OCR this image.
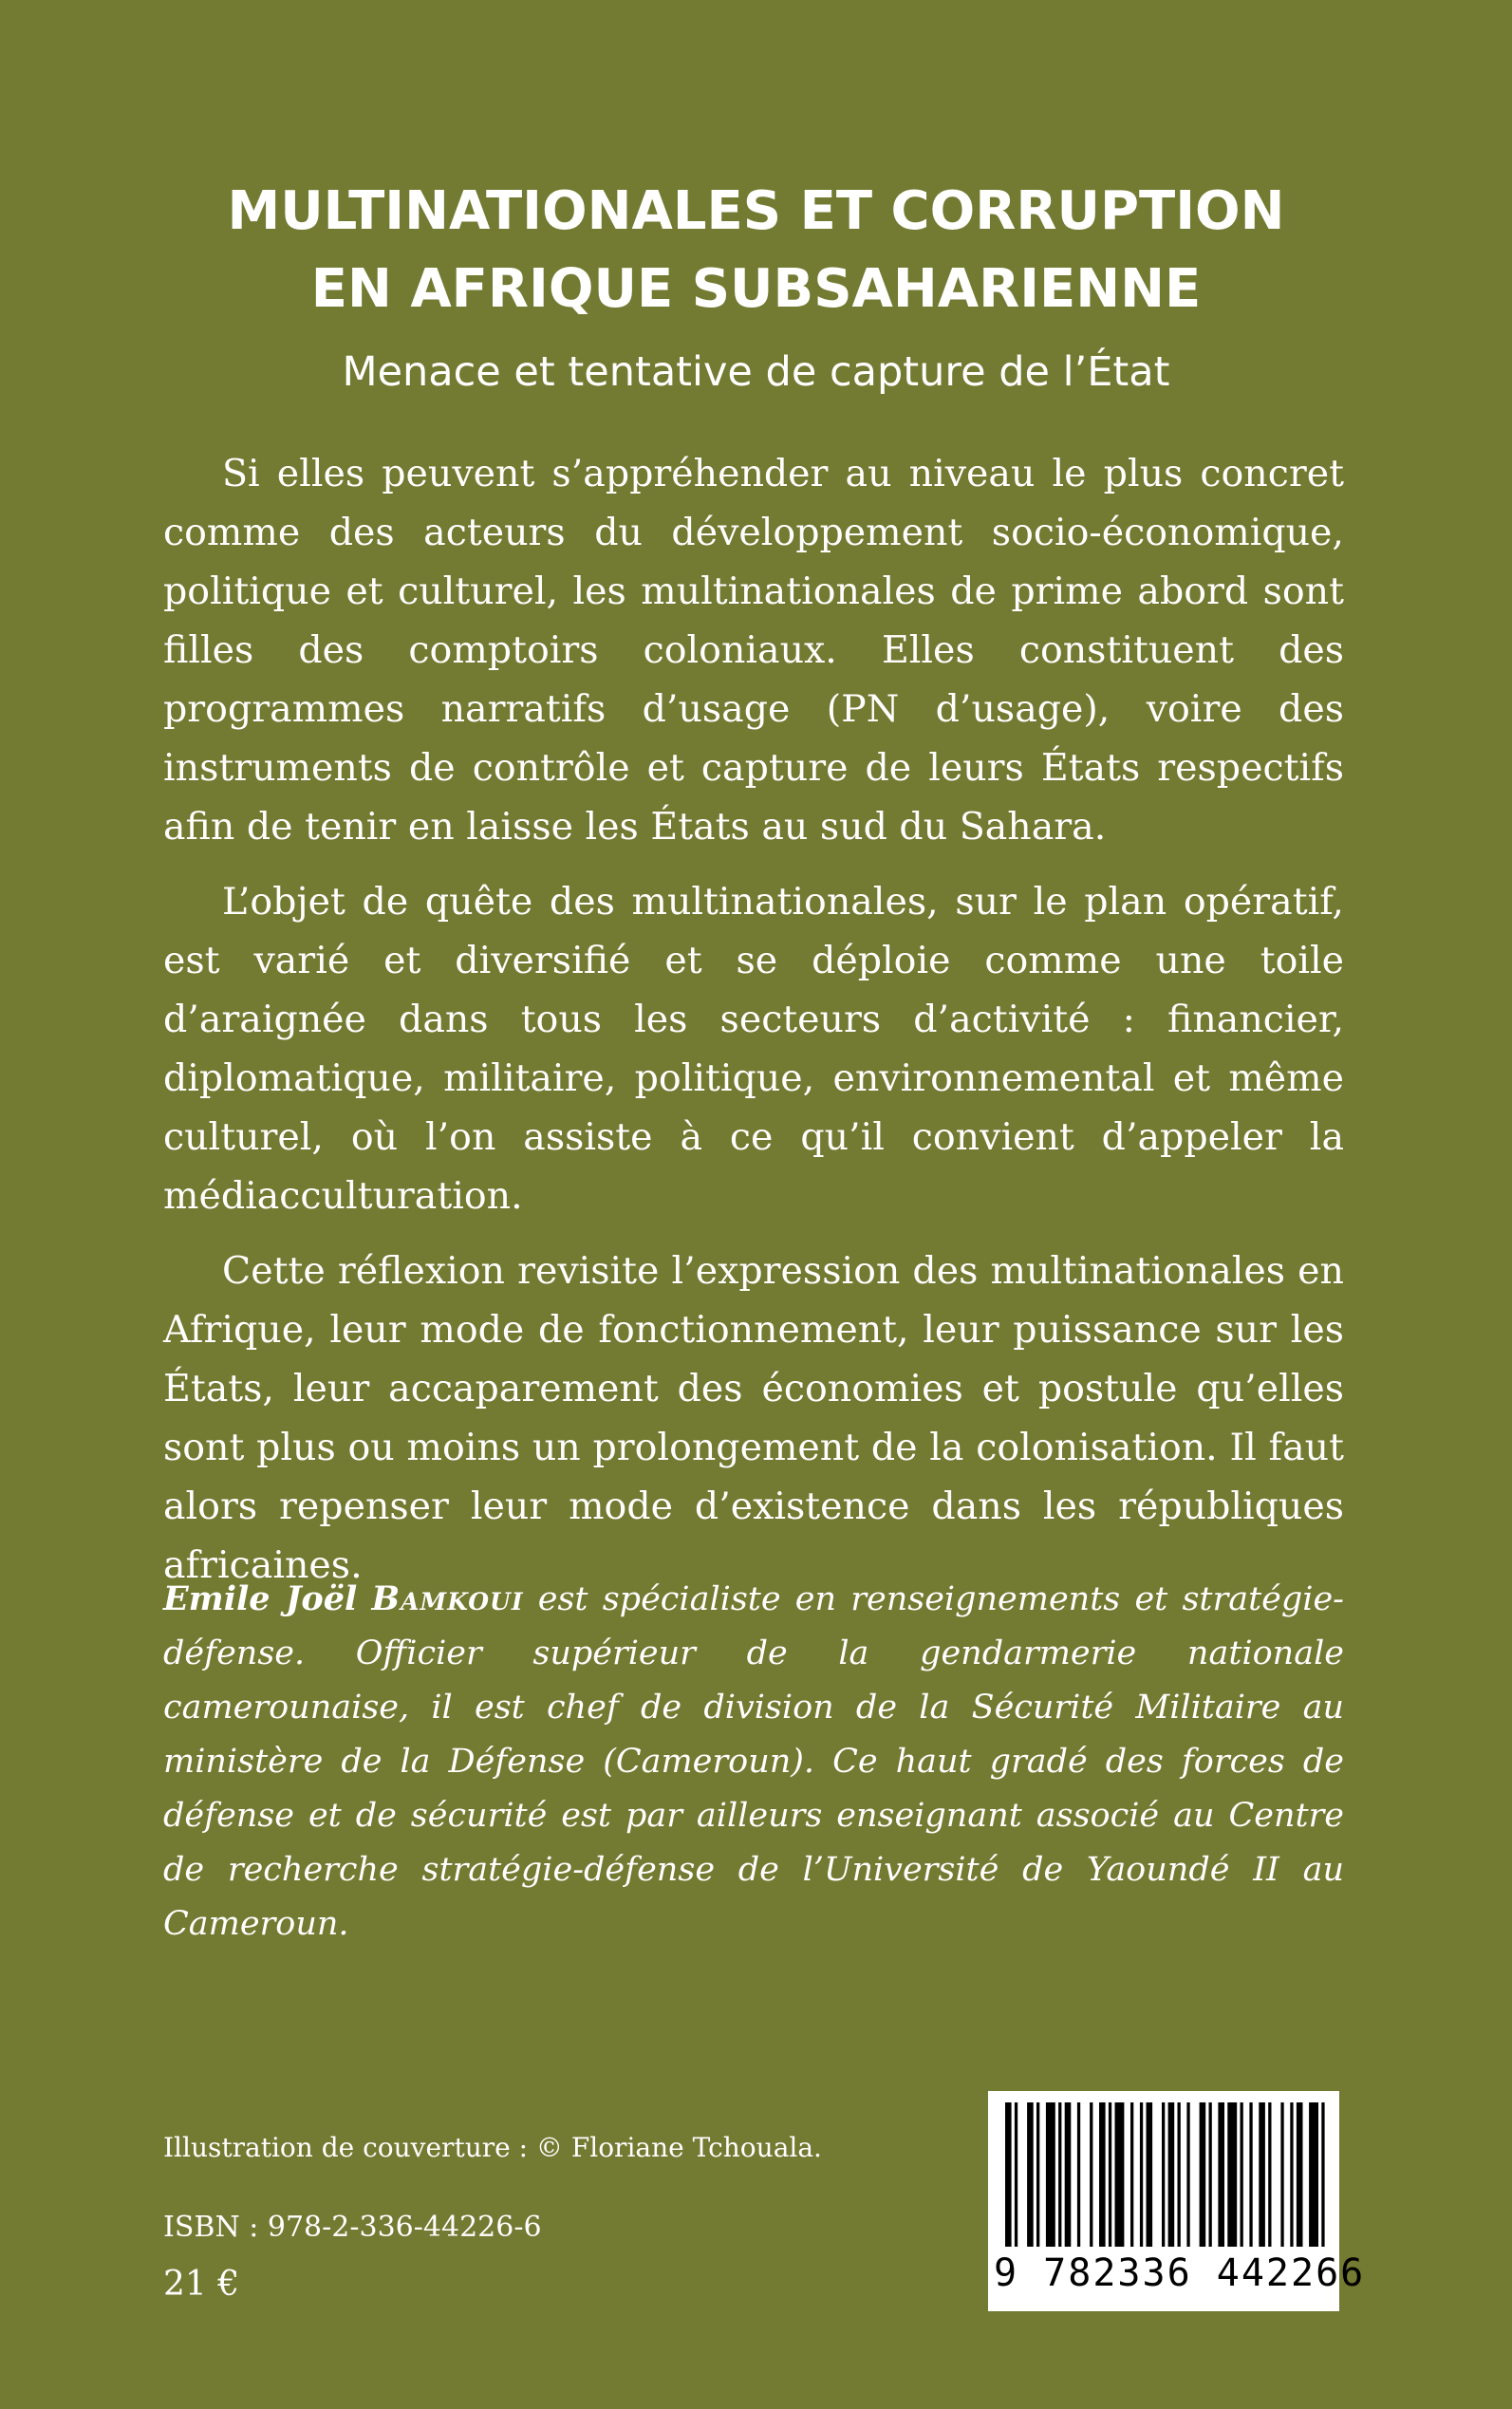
MULTINATIONALES ET CORRUPTION
EN AFRIQUE SUBSAHARIENNE
Menace et tentative de capture de l’État

Si elles peuvent s’appréhender au niveau le plus concret comme des acteurs du développement socio-économique, politique et culturel, les multinationales de prime abord sont filles des comptoirs coloniaux. Elles constituent des programmes narratifs d’usage (PN d’usage), voire des instruments de contrôle et capture de leurs États respectifs afin de tenir en laisse les États au sud du Sahara.

L’objet de quête des multinationales, sur le plan opératif, est varié et diversifié et se déploie comme une toile d’araignée dans tous les secteurs d’activité : financier, diplomatique, militaire, politique, environnemental et même culturel, où l’on assiste à ce qu’il convient d’appeler la médiacculturation.

Cette réflexion revisite l’expression des multinationales en Afrique, leur mode de fonctionnement, leur puissance sur les États, leur accaparement des économies et postule qu’elles sont plus ou moins un prolongement de la colonisation. Il faut alors repenser leur mode d’existence dans les républiques africaines.

Emile Joël Bamkoui est spécialiste en renseignements et stratégie-défense. Officier supérieur de la gendarmerie nationale camerounaise, il est chef de division de la Sécurité Militaire au ministère de la Défense (Cameroun). Ce haut gradé des forces de défense et de sécurité est par ailleurs enseignant associé au Centre de recherche stratégie-défense de l’Université de Yaoundé II au Cameroun.
Illustration de couverture : © Floriane Tchouala.
ISBN : 978-2-336-44226-6
21 €	9 782336 442266
